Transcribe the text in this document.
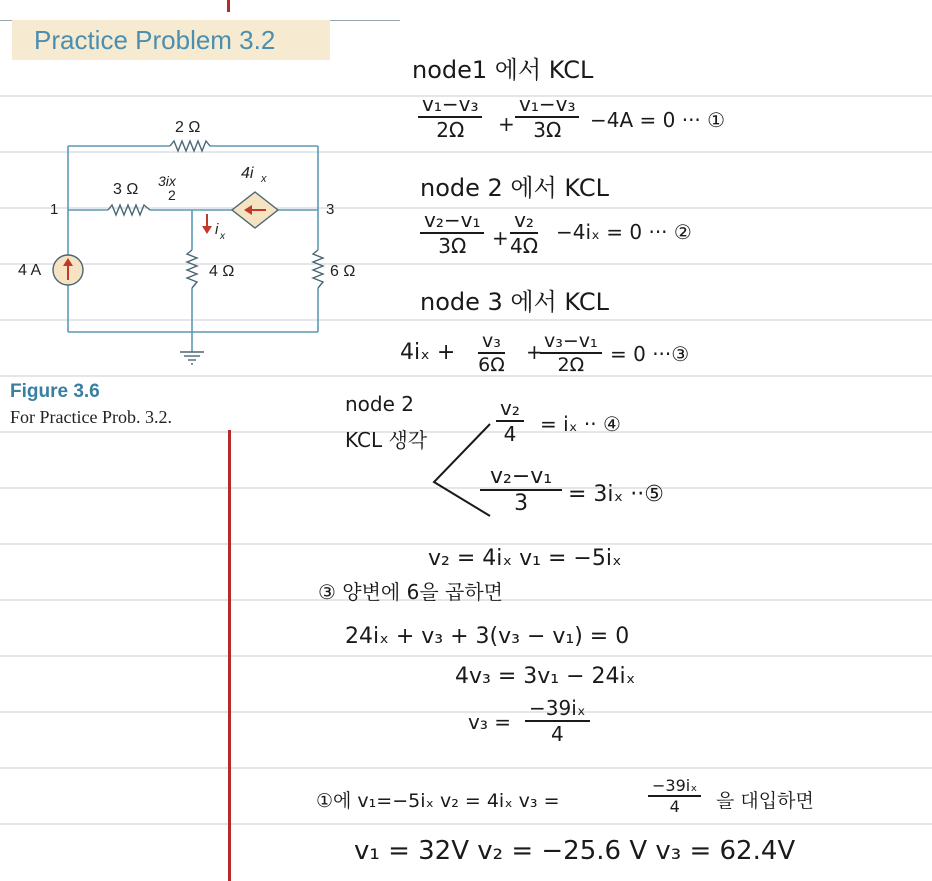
Practice Problem 3.2
2 Ω
3 Ω 3ix
4 Ω	6 Ω
4i x
4 A
i x
1
2
3
Figure 3.6
For Practice Prob. 3.2.
node1 에서 KCL
$\frac{\text{v₁−v₃}}{2\Omega} + \frac{\text{v₁−v₃}}{3\Omega} -4A = 0$ ··· ①
node 2 에서 KCL
$\frac{\text{v₂−v₁}}{3\Omega} + \frac{\text{v₂}}{4\Omega} -4i_x = 0$ ··· ②
node 3 에서 KCL
$4i_x + \frac{\text{v₃}}{6\Omega}$ +
$\frac{\text{v₃−v₁}}{2\Omega} = 0$ ···③
node 2
KCL 생각	$\frac{\text{v₂}}{4} = i_x$ ·· ④
$\frac{\text{v₂−v₁}}{3} = 3i_x$ ··⑤
v₂ = 4iₓ v₁ = −5iₓ
③ 양변에 6을 곱하면
24iₓ + v₃ + 3(v₃ − v₁) = 0
4v₃ = 3v₁ − 24iₓ
$v_3 = \frac{\text{−39iₓ}}{4}$
①에 v₁=−5iₓ v₂ = 4iₓ v₃ =	$\frac{\text{−39iₓ}}{4}$ 을 대입하면
v₁ = 32V v₂ = −25.6 V v₃ = 62.4V
